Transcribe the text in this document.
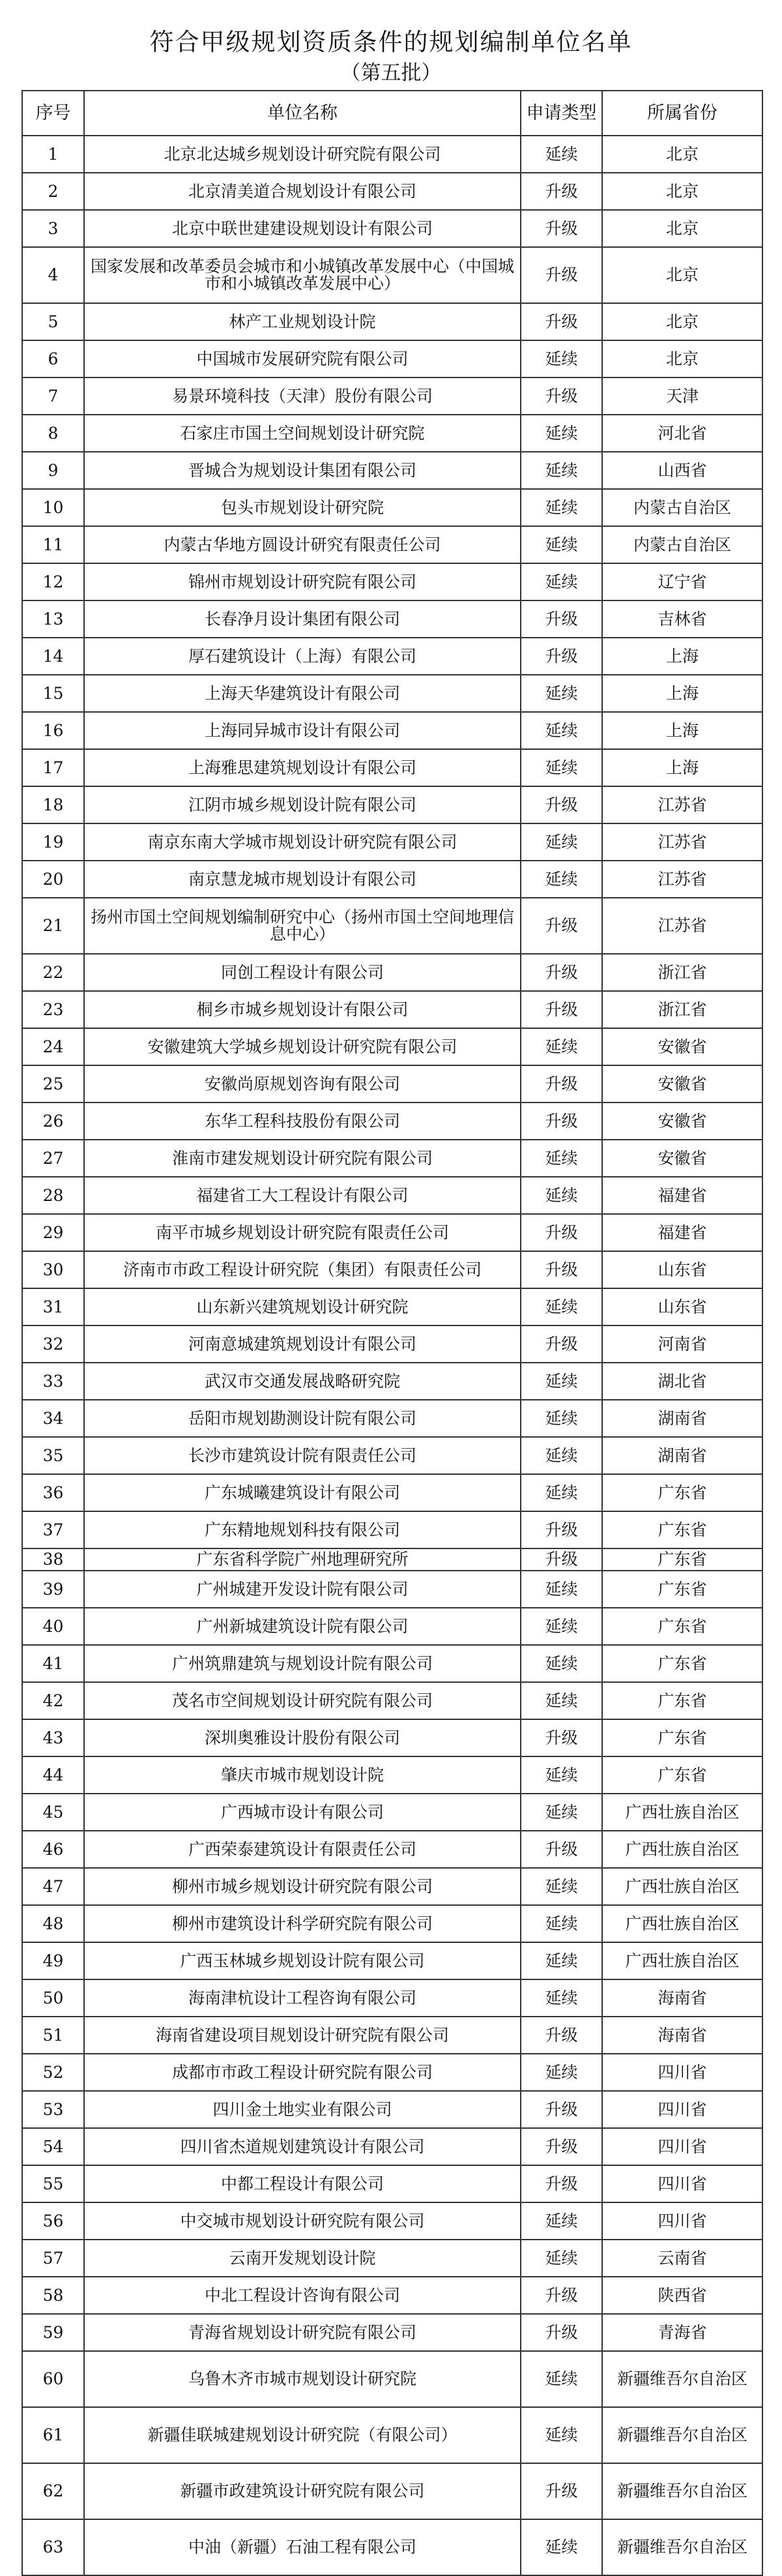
符合甲级规划资质条件的规划编制单位名单
（第五批）
序号	单位名称	申请类型	所属省份
1	北京北达城乡规划设计研究院有限公司	延续	北京
2	北京清美道合规划设计有限公司	升级	北京
3	北京中联世建建设规划设计有限公司	升级	北京
4	国家发展和改革委员会城市和小城镇改革发展中心（中国城市和小城镇改革发展中心）	升级	北京
5	林产工业规划设计院	升级	北京
6	中国城市发展研究院有限公司	延续	北京
7	易景环境科技（天津）股份有限公司	升级	天津
8	石家庄市国土空间规划设计研究院	延续	河北省
9	晋城合为规划设计集团有限公司	延续	山西省
10	包头市规划设计研究院	延续	内蒙古自治区
11	内蒙古华地方圆设计研究有限责任公司	延续	内蒙古自治区
12	锦州市规划设计研究院有限公司	延续	辽宁省
13	长春净月设计集团有限公司	升级	吉林省
14	厚石建筑设计（上海）有限公司	升级	上海
15	上海天华建筑设计有限公司	延续	上海
16	上海同异城市设计有限公司	延续	上海
17	上海雅思建筑规划设计有限公司	延续	上海
18	江阴市城乡规划设计院有限公司	升级	江苏省
19	南京东南大学城市规划设计研究院有限公司	延续	江苏省
20	南京慧龙城市规划设计有限公司	延续	江苏省
21	扬州市国土空间规划编制研究中心（扬州市国土空间地理信息中心）	升级	江苏省
22	同创工程设计有限公司	升级	浙江省
23	桐乡市城乡规划设计有限公司	升级	浙江省
24	安徽建筑大学城乡规划设计研究院有限公司	延续	安徽省
25	安徽尚原规划咨询有限公司	升级	安徽省
26	东华工程科技股份有限公司	升级	安徽省
27	淮南市建发规划设计研究院有限公司	延续	安徽省
28	福建省工大工程设计有限公司	延续	福建省
29	南平市城乡规划设计研究院有限责任公司	升级	福建省
30	济南市市政工程设计研究院（集团）有限责任公司	升级	山东省
31	山东新兴建筑规划设计研究院	延续	山东省
32	河南意城建筑规划设计有限公司	升级	河南省
33	武汉市交通发展战略研究院	延续	湖北省
34	岳阳市规划勘测设计院有限公司	延续	湖南省
35	长沙市建筑设计院有限责任公司	延续	湖南省
36	广东城曦建筑设计有限公司	延续	广东省
37	广东精地规划科技有限公司	升级	广东省
38	广东省科学院广州地理研究所	升级	广东省
39	广州城建开发设计院有限公司	延续	广东省
40	广州新城建筑设计院有限公司	延续	广东省
41	广州筑鼎建筑与规划设计院有限公司	延续	广东省
42	茂名市空间规划设计研究院有限公司	延续	广东省
43	深圳奥雅设计股份有限公司	升级	广东省
44	肇庆市城市规划设计院	延续	广东省
45	广西城市设计有限公司	延续	广西壮族自治区
46	广西荣泰建筑设计有限责任公司	升级	广西壮族自治区
47	柳州市城乡规划设计研究院有限公司	延续	广西壮族自治区
48	柳州市建筑设计科学研究院有限公司	延续	广西壮族自治区
49	广西玉林城乡规划设计院有限公司	延续	广西壮族自治区
50	海南津杭设计工程咨询有限公司	延续	海南省
51	海南省建设项目规划设计研究院有限公司	升级	海南省
52	成都市市政工程设计研究院有限公司	延续	四川省
53	四川金土地实业有限公司	升级	四川省
54	四川省杰道规划建筑设计有限公司	升级	四川省
55	中都工程设计有限公司	升级	四川省
56	中交城市规划设计研究院有限公司	延续	四川省
57	云南开发规划设计院	延续	云南省
58	中北工程设计咨询有限公司	升级	陕西省
59	青海省规划设计研究院有限公司	升级	青海省
60	乌鲁木齐市城市规划设计研究院	延续	新疆维吾尔自治区
61	新疆佳联城建规划设计研究院（有限公司）	延续	新疆维吾尔自治区
62	新疆市政建筑设计研究院有限公司	升级	新疆维吾尔自治区
63	中油（新疆）石油工程有限公司	延续	新疆维吾尔自治区
